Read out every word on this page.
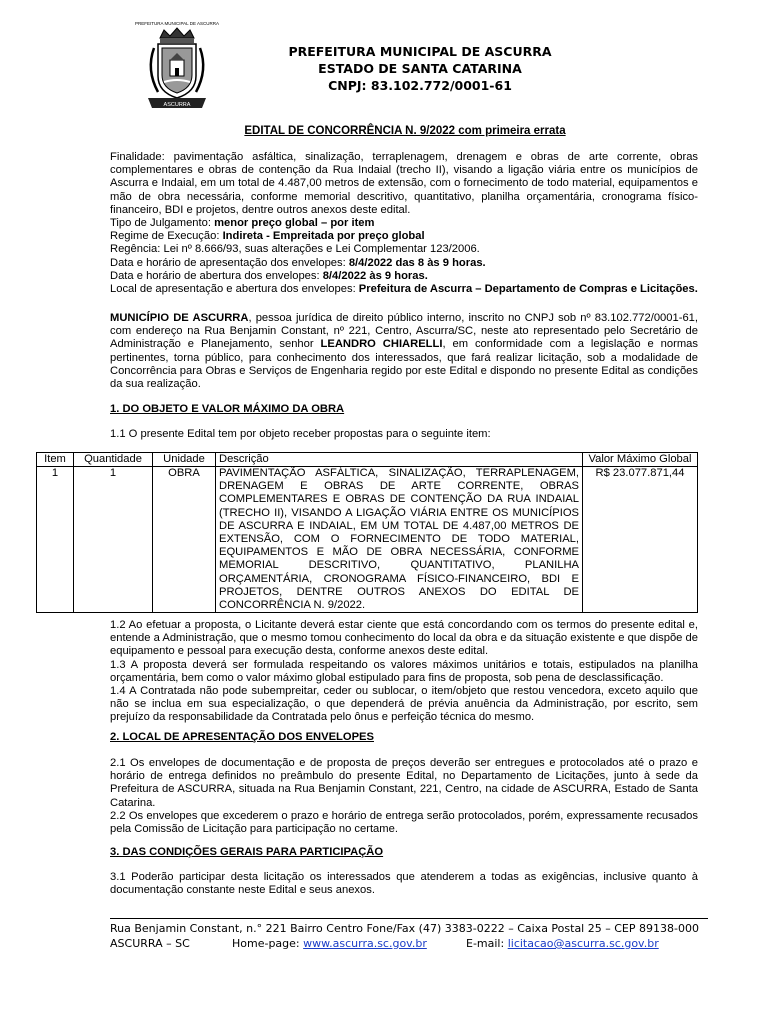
PREFEITURA MUNICIPAL DE ASCURRA
ASCURRA
PREFEITURA MUNICIPAL DE ASCURRA
ESTADO DE SANTA CATARINA
CNPJ: 83.102.772/0001-61
EDITAL DE CONCORRÊNCIA N. 9/2022 com primeira errata

Finalidade: pavimentação asfáltica, sinalização, terraplenagem, drenagem e obras de arte corrente, obras complementares e obras de contenção da Rua Indaial (trecho II), visando a ligação viária entre os municípios de Ascurra e Indaial, em um total de 4.487,00 metros de extensão, com o fornecimento de todo material, equipamentos e mão de obra necessária, conforme memorial descritivo, quantitativo, planilha orçamentária, cronograma físico-financeiro, BDI e projetos, dentre outros anexos deste edital.

Tipo de Julgamento: menor preço global – por item

Regime de Execução: Indireta - Empreitada por preço global

Regência: Lei nº 8.666/93, suas alterações e Lei Complementar 123/2006.

Data e horário de apresentação dos envelopes: 8/4/2022 das 8 às 9 horas.

Data e horário de abertura dos envelopes: 8/4/2022 às 9 horas.

Local de apresentação e abertura dos envelopes: Prefeitura de Ascurra – Departamento de Compras e Licitações.

MUNICÍPIO DE ASCURRA, pessoa jurídica de direito público interno, inscrito no CNPJ sob nº 83.102.772/0001-61, com endereço na Rua Benjamin Constant, nº 221, Centro, Ascurra/SC, neste ato representado pelo Secretário de Administração e Planejamento, senhor LEANDRO CHIARELLI, em conformidade com a legislação e normas pertinentes, torna público, para conhecimento dos interessados, que fará realizar licitação, sob a modalidade de Concorrência para Obras e Serviços de Engenharia regido por este Edital e dispondo no presente Edital as condições da sua realização.

1. DO OBJETO E VALOR MÁXIMO DA OBRA
1.1 O presente Edital tem por objeto receber propostas para o seguinte item:
Item	Quantidade	Unidade	Descrição	Valor Máximo Global
1	1	OBRA	PAVIMENTAÇÃO ASFÁLTICA, SINALIZAÇÃO, TERRAPLENAGEM, DRENAGEM E OBRAS DE ARTE CORRENTE, OBRAS COMPLEMENTARES E OBRAS DE CONTENÇÃO DA RUA INDAIAL (TRECHO II), VISANDO A LIGAÇÃO VIÁRIA ENTRE OS MUNICÍPIOS DE ASCURRA E INDAIAL, EM UM TOTAL DE 4.487,00 METROS DE EXTENSÃO, COM O FORNECIMENTO DE TODO MATERIAL, EQUIPAMENTOS E MÃO DE OBRA NECESSÁRIA, CONFORME MEMORIAL DESCRITIVO, QUANTITATIVO, PLANILHA ORÇAMENTÁRIA, CRONOGRAMA FÍSICO-FINANCEIRO, BDI E PROJETOS, DENTRE OUTROS ANEXOS DO EDITAL DE CONCORRÊNCIA N. 9/2022.	R$ 23.077.871,44

1.2 Ao efetuar a proposta, o Licitante deverá estar ciente que está concordando com os termos do presente edital e, entende a Administração, que o mesmo tomou conhecimento do local da obra e da situação existente e que dispõe de equipamento e pessoal para execução desta, conforme anexos deste edital.

1.3 A proposta deverá ser formulada respeitando os valores máximos unitários e totais, estipulados na planilha orçamentária, bem como o valor máximo global estipulado para fins de proposta, sob pena de desclassificação.

1.4 A Contratada não pode subempreitar, ceder ou sublocar, o item/objeto que restou vencedora, exceto aquilo que não se inclua em sua especialização, o que dependerá de prévia anuência da Administração, por escrito, sem prejuízo da responsabilidade da Contratada pelo ônus e perfeição técnica do mesmo.

2. LOCAL DE APRESENTAÇÃO DOS ENVELOPES

2.1 Os envelopes de documentação e de proposta de preços deverão ser entregues e protocolados até o prazo e horário de entrega definidos no preâmbulo do presente Edital, no Departamento de Licitações, junto à sede da Prefeitura de ASCURRA, situada na Rua Benjamin Constant, 221, Centro, na cidade de ASCURRA, Estado de Santa Catarina.

2.2 Os envelopes que excederem o prazo e horário de entrega serão protocolados, porém, expressamente recusados pela Comissão de Licitação para participação no certame.

3. DAS CONDIÇÕES GERAIS PARA PARTICIPAÇÃO
3.1 Poderão participar desta licitação os interessados que atenderem a todas as exigências, inclusive quanto à documentação constante neste Edital e seus anexos.
Rua Benjamin Constant, n.° 221 Bairro Centro Fone/Fax (47) 3383-0222 – Caixa Postal 25 – CEP 89138-000
ASCURRA – SC	Home-page: www.ascurra.sc.gov.br	E-mail: licitacao@ascurra.sc.gov.br
